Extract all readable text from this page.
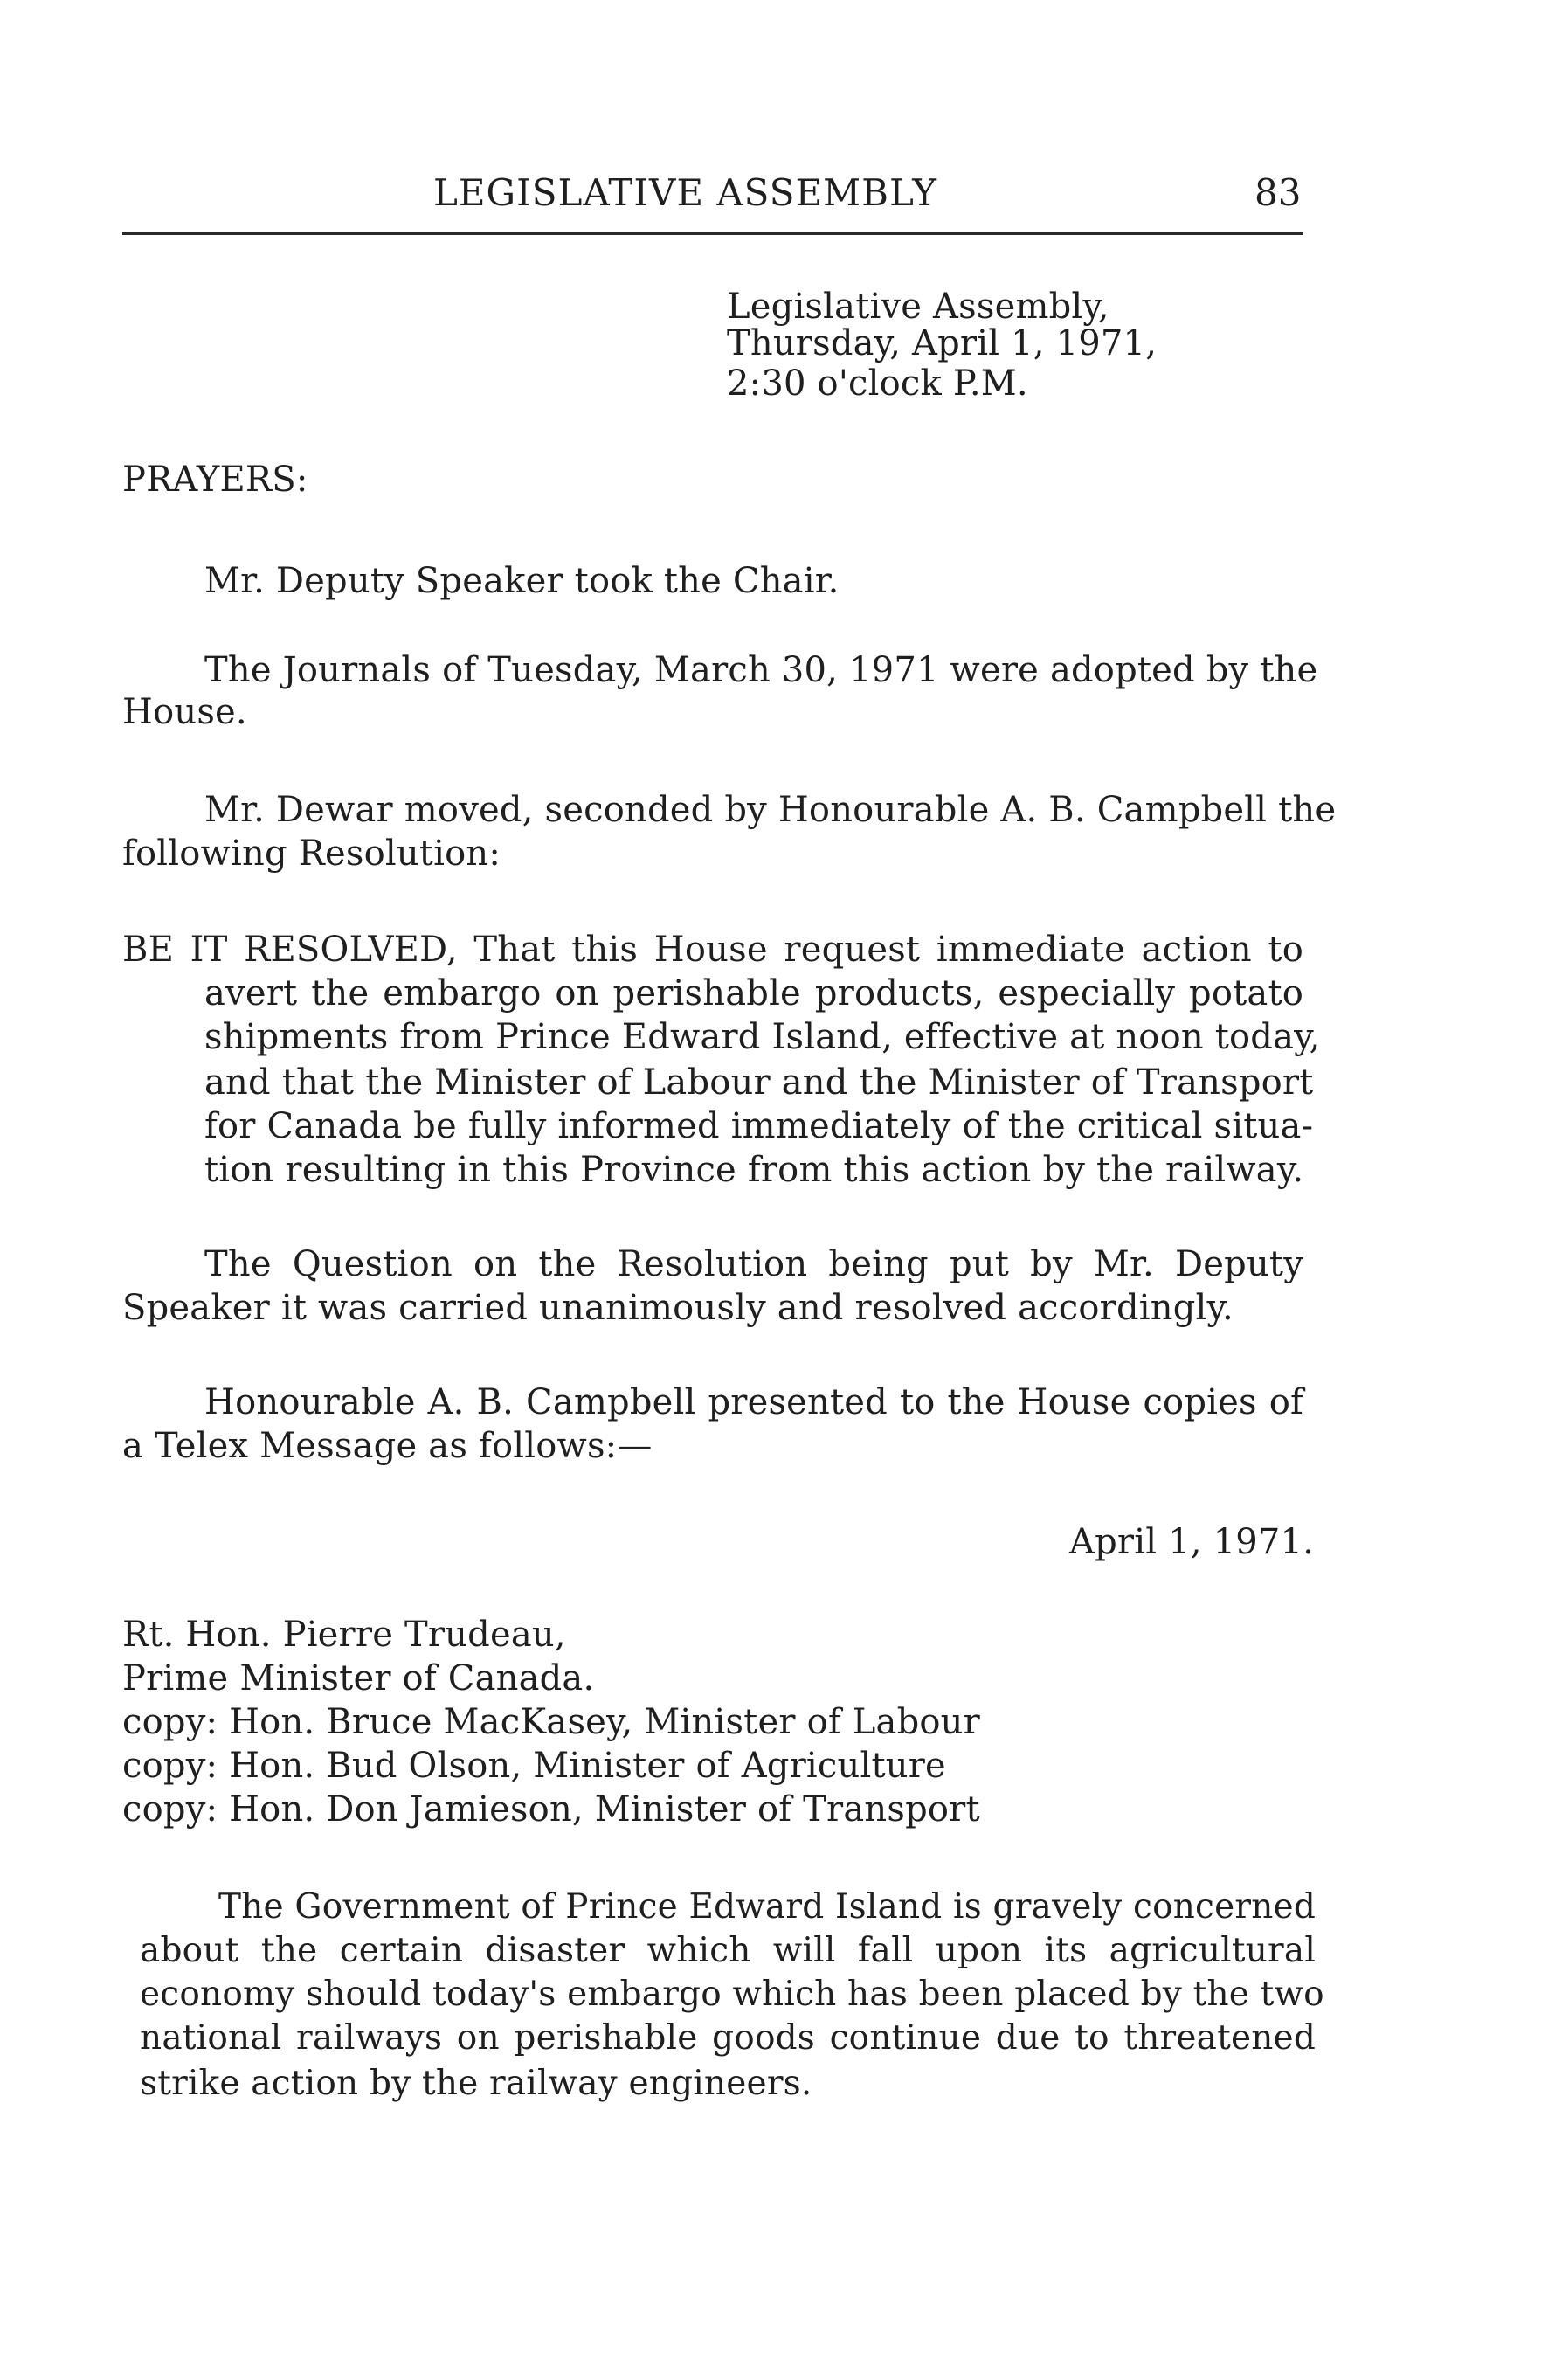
LEGISLATIVE ASSEMBLY	83
Legislative Assembly,
Thursday, April 1, 1971,
2:30 o'clock P.M.
PRAYERS:
Mr. Deputy Speaker took the Chair.
The Journals of Tuesday, March 30, 1971 were adopted by the
House.
Mr. Dewar moved, seconded by Honourable A. B. Campbell the
following Resolution:
BE IT RESOLVED, That this House request immediate action to
avert the embargo on perishable products, especially potato
shipments from Prince Edward Island, effective at noon today,
and that the Minister of Labour and the Minister of Transport
for Canada be fully informed immediately of the critical situa-
tion resulting in this Province from this action by the railway.
The Question on the Resolution being put by Mr. Deputy
Speaker it was carried unanimously and resolved accordingly.
Honourable A. B. Campbell presented to the House copies of
a Telex Message as follows:—
April 1, 1971.
Rt. Hon. Pierre Trudeau,
Prime Minister of Canada.
copy: Hon. Bruce MacKasey, Minister of Labour
copy: Hon. Bud Olson, Minister of Agriculture
copy: Hon. Don Jamieson, Minister of Transport
The Government of Prince Edward Island is gravely concerned
about the certain disaster which will fall upon its agricultural
economy should today's embargo which has been placed by the two
national railways on perishable goods continue due to threatened
strike action by the railway engineers.
